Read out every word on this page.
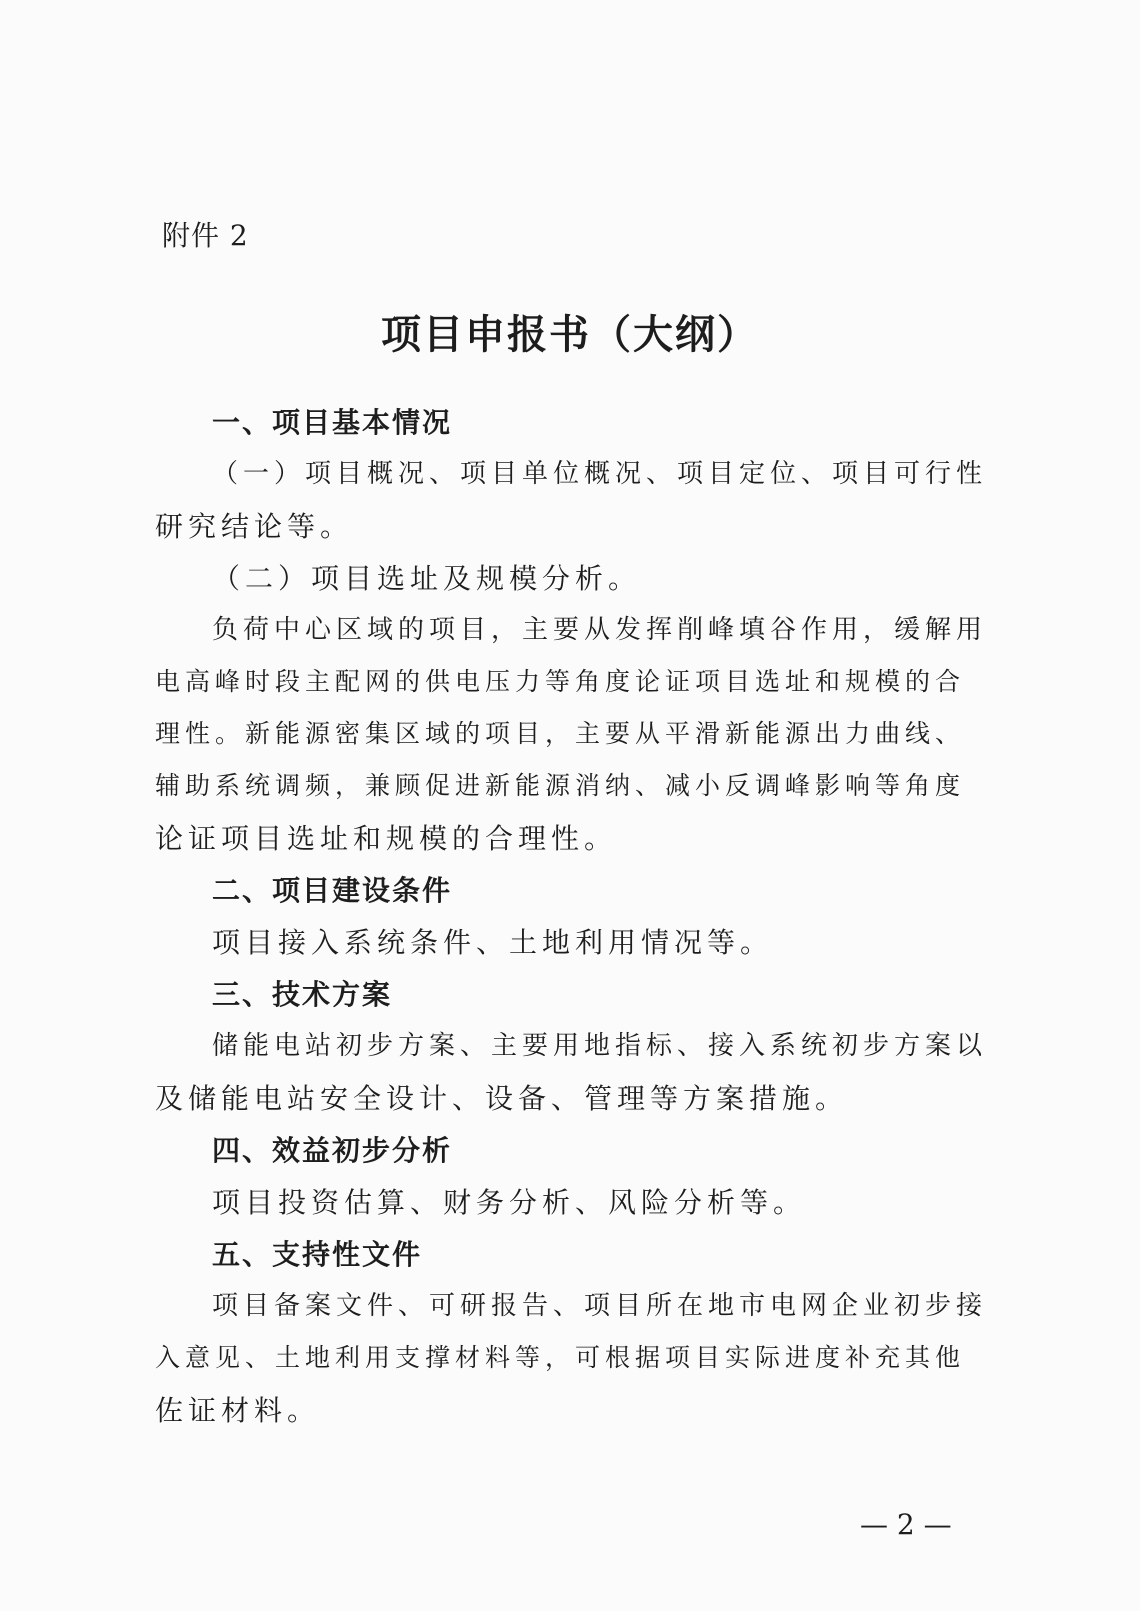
附件 2
项目申报书（大纲）
一、项目基本情况
（一）项目概况、项目单位概况、项目定位、项目可行性
研究结论等。
（二）项目选址及规模分析。
负荷中心区域的项目，主要从发挥削峰填谷作用，缓解用
电高峰时段主配网的供电压力等角度论证项目选址和规模的合
理性。新能源密集区域的项目，主要从平滑新能源出力曲线、
辅助系统调频，兼顾促进新能源消纳、减小反调峰影响等角度
论证项目选址和规模的合理性。
二、项目建设条件
项目接入系统条件、土地利用情况等。
三、技术方案
储能电站初步方案、主要用地指标、接入系统初步方案以
及储能电站安全设计、设备、管理等方案措施。
四、效益初步分析
项目投资估算、财务分析、风险分析等。
五、支持性文件
项目备案文件、可研报告、项目所在地市电网企业初步接
入意见、土地利用支撑材料等，可根据项目实际进度补充其他
佐证材料。
— 2 —
